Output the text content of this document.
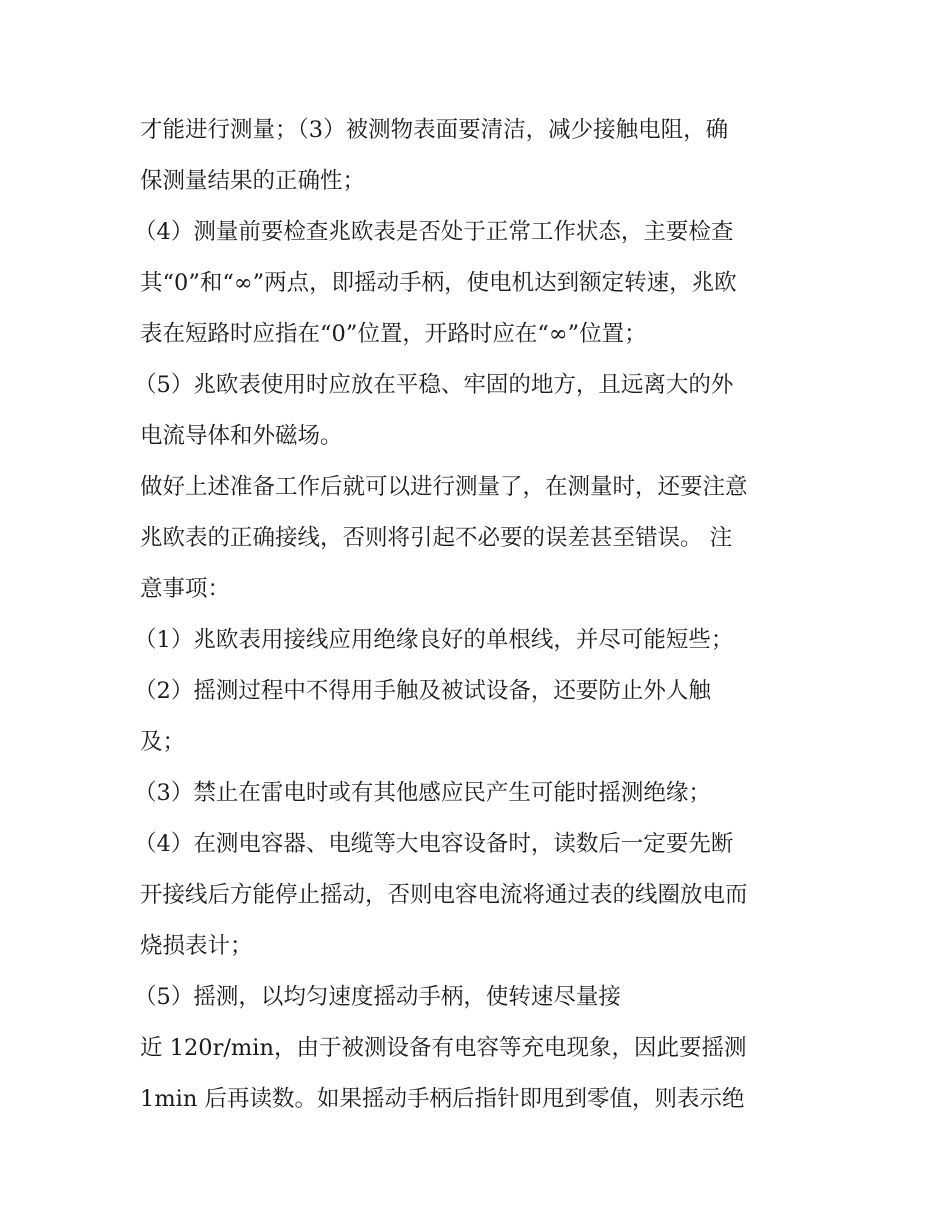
才能进行测量；（3）被测物表面要清洁，减少接触电阻，确
保测量结果的正确性；
（4）测量前要检查兆欧表是否处于正常工作状态，主要检查
其“0”和“∞”两点，即摇动手柄，使电机达到额定转速，兆欧
表在短路时应指在“0”位置，开路时应在“∞”位置；
（5）兆欧表使用时应放在平稳、牢固的地方，且远离大的外
电流导体和外磁场。
做好上述准备工作后就可以进行测量了，在测量时，还要注意
兆欧表的正确接线，否则将引起不必要的误差甚至错误。 注
意事项：
（1）兆欧表用接线应用绝缘良好的单根线，并尽可能短些；
（2）摇测过程中不得用手触及被试设备，还要防止外人触
及；
（3）禁止在雷电时或有其他感应民产生可能时摇测绝缘；
（4）在测电容器、电缆等大电容设备时，读数后一定要先断
开接线后方能停止摇动，否则电容电流将通过表的线圈放电而
烧损表计；
（5）摇测，以均匀速度摇动手柄，使转速尽量接
近 120r/min，由于被测设备有电容等充电现象，因此要摇测
1min 后再读数。如果摇动手柄后指针即甩到零值，则表示绝
